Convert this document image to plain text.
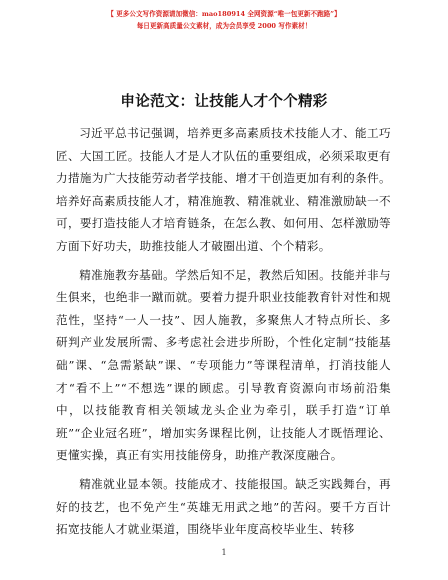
【 更多公文写作资源请加微信：mao180914 全网资源“唯一包更新不跑路”】
每日更新高质量公文素材，成为会员享受 2000 写作素材！
申论范文：让技能人才个个精彩

习近平总书记强调，培养更多高素质技术技能人才、能工巧匠、大国工匠。技能人才是人才队伍的重要组成，必须采取更有力措施为广大技能劳动者学技能、增才干创造更加有利的条件。培养好高素质技能人才，精准施教、精准就业、精准激励缺一不可，要打造技能人才培育链条，在怎么教、如何用、怎样激励等方面下好功夫，助推技能人才破圈出道、个个精彩。

精准施教夯基础。学然后知不足，教然后知困。技能并非与生俱来，也绝非一蹴而就。要着力提升职业技能教育针对性和规范性，坚持“一人一技”、因人施教，多聚焦人才特点所长、多研判产业发展所需、多考虑社会进步所盼，个性化定制“技能基础”课、“急需紧缺”课、“专项能力”等课程清单，打消技能人才“看不上”“不想选”课的顾虑。引导教育资源向市场前沿集中，以技能教育相关领域龙头企业为牵引，联手打造“订单班”“企业冠名班”，增加实务课程比例，让技能人才既悟理论、更懂实操，真正有实用技能傍身，助推产教深度融合。

精准就业显本领。技能成才、技能报国。缺乏实践舞台，再好的技艺，也不免产生“英雄无用武之地”的苦闷。要千方百计拓宽技能人才就业渠道，围绕毕业年度高校毕业生、转移

1
